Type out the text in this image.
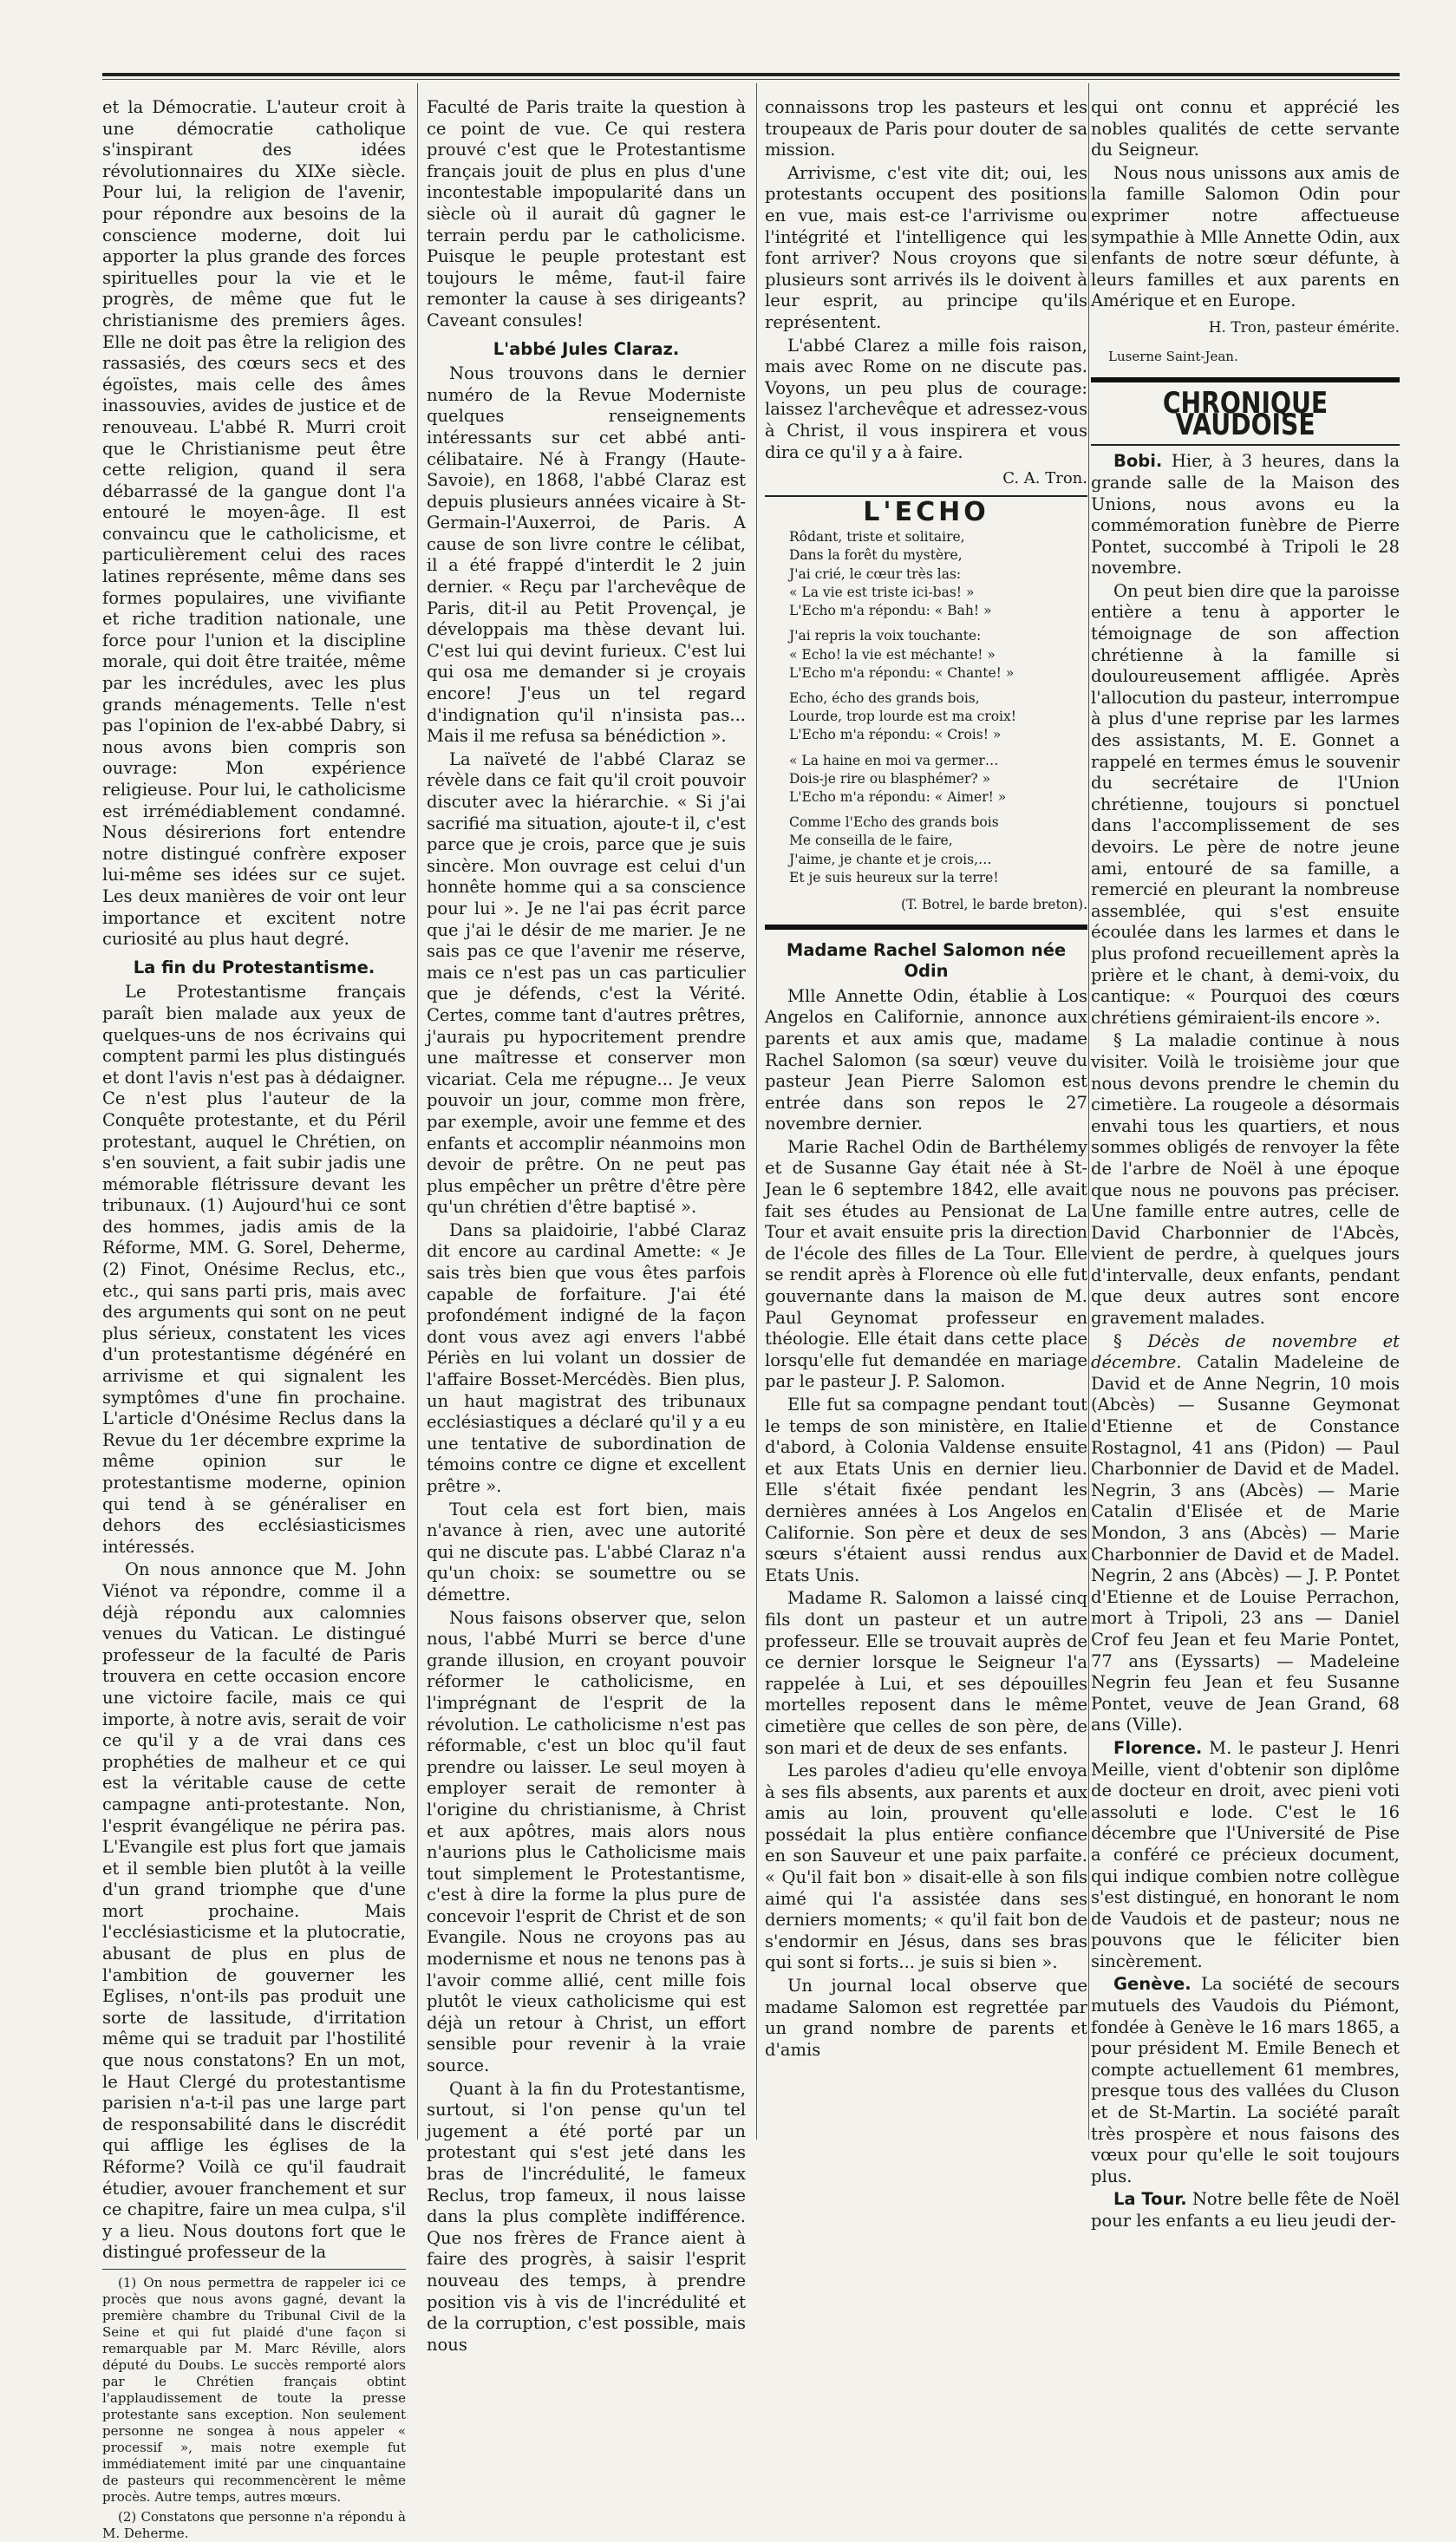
et la Démocratie. L'auteur croit à une démocratie catholique s'inspirant des idées révolutionnaires du XIXe siècle. Pour lui, la religion de l'avenir, pour répondre aux besoins de la conscience moderne, doit lui apporter la plus grande des forces spirituelles pour la vie et le progrès, de même que fut le christianisme des premiers âges. Elle ne doit pas être la religion des rassasiés, des cœurs secs et des égoïstes, mais celle des âmes inassouvies, avides de justice et de renouveau. L'abbé R. Murri croit que le Christianisme peut être cette religion, quand il sera débarrassé de la gangue dont l'a entouré le moyen-âge. Il est convaincu que le catholicisme, et particulièrement celui des races latines représente, même dans ses formes populaires, une vivifiante et riche tradition nationale, une force pour l'union et la discipline morale, qui doit être traitée, même par les incrédules, avec les plus grands ménagements. Telle n'est pas l'opinion de l'ex-abbé Dabry, si nous avons bien compris son ouvrage: Mon expérience religieuse. Pour lui, le catholicisme est irrémédiablement condamné. Nous désirerions fort entendre notre distingué confrère exposer lui-même ses idées sur ce sujet. Les deux manières de voir ont leur importance et excitent notre curiosité au plus haut degré.

La fin du Protestantisme.

Le Protestantisme français paraît bien malade aux yeux de quelques-uns de nos écrivains qui comptent parmi les plus distingués et dont l'avis n'est pas à dédaigner. Ce n'est plus l'auteur de la Conquête protestante, et du Péril protestant, auquel le Chrétien, on s'en souvient, a fait subir jadis une mémorable flétrissure devant les tribunaux. (1) Aujourd'hui ce sont des hommes, jadis amis de la Réforme, MM. G. Sorel, Deherme, (2) Finot, Onésime Reclus, etc., etc., qui sans parti pris, mais avec des arguments qui sont on ne peut plus sérieux, constatent les vices d'un protestantisme dégénéré en arrivisme et qui signalent les symptômes d'une fin prochaine. L'article d'Onésime Reclus dans la Revue du 1er décembre exprime la même opinion sur le protestantisme moderne, opinion qui tend à se généraliser en dehors des ecclésiasticismes intéressés.

On nous annonce que M. John Viénot va répondre, comme il a déjà répondu aux calomnies venues du Vatican. Le distingué professeur de la faculté de Paris trouvera en cette occasion encore une victoire facile, mais ce qui importe, à notre avis, serait de voir ce qu'il y a de vrai dans ces prophéties de malheur et ce qui est la véritable cause de cette campagne anti-protestante. Non, l'esprit évangélique ne périra pas. L'Evangile est plus fort que jamais et il semble bien plutôt à la veille d'un grand triomphe que d'une mort prochaine. Mais l'ecclésiasticisme et la plutocratie, abusant de plus en plus de l'ambition de gouverner les Eglises, n'ont-ils pas produit une sorte de lassitude, d'irritation même qui se traduit par l'hostilité que nous constatons? En un mot, le Haut Clergé du protestantisme parisien n'a-t-il pas une large part de responsabilité dans le discrédit qui afflige les églises de la Réforme? Voilà ce qu'il faudrait étudier, avouer franchement et sur ce chapitre, faire un mea culpa, s'il y a lieu. Nous doutons fort que le distingué professeur de la

(1) On nous permettra de rappeler ici ce procès que nous avons gagné, devant la première chambre du Tribunal Civil de la Seine et qui fut plaidé d'une façon si remarquable par M. Marc Réville, alors député du Doubs. Le succès remporté alors par le Chrétien français obtint l'applaudissement de toute la presse protestante sans exception. Non seulement personne ne songea à nous appeler « processif », mais notre exemple fut immédiatement imité par une cinquantaine de pasteurs qui recommencèrent le même procès. Autre temps, autres mœurs.

(2) Constatons que personne n'a répondu à M. Deherme.

Faculté de Paris traite la question à ce point de vue. Ce qui restera prouvé c'est que le Protestantisme français jouit de plus en plus d'une incontestable impopularité dans un siècle où il aurait dû gagner le terrain perdu par le catholicisme. Puisque le peuple protestant est toujours le même, faut-il faire remonter la cause à ses dirigeants? Caveant consules!

L'abbé Jules Claraz.

Nous trouvons dans le dernier numéro de la Revue Moderniste quelques renseignements intéressants sur cet abbé anti-célibataire. Né à Frangy (Haute-Savoie), en 1868, l'abbé Claraz est depuis plusieurs années vicaire à St-Germain-l'Auxerroi, de Paris. A cause de son livre contre le célibat, il a été frappé d'interdit le 2 juin dernier. « Reçu par l'archevêque de Paris, dit-il au Petit Provençal, je développais ma thèse devant lui. C'est lui qui devint furieux. C'est lui qui osa me demander si je croyais encore! J'eus un tel regard d'indignation qu'il n'insista pas... Mais il me refusa sa bénédiction ».

La naïveté de l'abbé Claraz se révèle dans ce fait qu'il croit pouvoir discuter avec la hiérarchie. « Si j'ai sacrifié ma situation, ajoute-t il, c'est parce que je crois, parce que je suis sincère. Mon ouvrage est celui d'un honnête homme qui a sa conscience pour lui ». Je ne l'ai pas écrit parce que j'ai le désir de me marier. Je ne sais pas ce que l'avenir me réserve, mais ce n'est pas un cas particulier que je défends, c'est la Vérité. Certes, comme tant d'autres prêtres, j'aurais pu hypocritement prendre une maîtresse et conserver mon vicariat. Cela me répugne... Je veux pouvoir un jour, comme mon frère, par exemple, avoir une femme et des enfants et accomplir néanmoins mon devoir de prêtre. On ne peut pas plus empêcher un prêtre d'être père qu'un chrétien d'être baptisé ».

Dans sa plaidoirie, l'abbé Claraz dit encore au cardinal Amette: « Je sais très bien que vous êtes parfois capable de forfaiture. J'ai été profondément indigné de la façon dont vous avez agi envers l'abbé Périès en lui volant un dossier de l'affaire Bosset-Mercédès. Bien plus, un haut magistrat des tribunaux ecclésiastiques a déclaré qu'il y a eu une tentative de subordination de témoins contre ce digne et excellent prêtre ».

Tout cela est fort bien, mais n'avance à rien, avec une autorité qui ne discute pas. L'abbé Claraz n'a qu'un choix: se soumettre ou se démettre.

Nous faisons observer que, selon nous, l'abbé Murri se berce d'une grande illusion, en croyant pouvoir réformer le catholicisme, en l'imprégnant de l'esprit de la révolution. Le catholicisme n'est pas réformable, c'est un bloc qu'il faut prendre ou laisser. Le seul moyen à employer serait de remonter à l'origine du christianisme, à Christ et aux apôtres, mais alors nous n'aurions plus le Catholicisme mais tout simplement le Protestantisme, c'est à dire la forme la plus pure de concevoir l'esprit de Christ et de son Evangile. Nous ne croyons pas au modernisme et nous ne tenons pas à l'avoir comme allié, cent mille fois plutôt le vieux catholicisme qui est déjà un retour à Christ, un effort sensible pour revenir à la vraie source.

Quant à la fin du Protestantisme, surtout, si l'on pense qu'un tel jugement a été porté par un protestant qui s'est jeté dans les bras de l'incrédulité, le fameux Reclus, trop fameux, il nous laisse dans la plus complète indifférence. Que nos frères de France aient à faire des progrès, à saisir l'esprit nouveau des temps, à prendre position vis à vis de l'incrédulité et de la corruption, c'est possible, mais nous

connaissons trop les pasteurs et les troupeaux de Paris pour douter de sa mission.

Arrivisme, c'est vite dit; oui, les protestants occupent des positions en vue, mais est-ce l'arrivisme ou l'intégrité et l'intelligence qui les font arriver? Nous croyons que si plusieurs sont arrivés ils le doivent à leur esprit, au principe qu'ils représentent.

L'abbé Clarez a mille fois raison, mais avec Rome on ne discute pas. Voyons, un peu plus de courage: laissez l'archevêque et adressez-vous à Christ, il vous inspirera et vous dira ce qu'il y a à faire.

C. A. Tron.
L'ECHO
Rôdant, triste et solitaire,
Dans la forêt du mystère,
J'ai crié, le cœur très las:
« La vie est triste ici-bas! »
L'Echo m'a répondu: « Bah! »
J'ai repris la voix touchante:
« Echo! la vie est méchante! »
L'Echo m'a répondu: « Chante! »
Echo, écho des grands bois,
Lourde, trop lourde est ma croix!
L'Echo m'a répondu: « Crois! »
« La haine en moi va germer…
Dois-je rire ou blasphémer? »
L'Echo m'a répondu: « Aimer! »
Comme l'Echo des grands bois
Me conseilla de le faire,
J'aime, je chante et je crois,…
Et je suis heureux sur la terre!
(T. Botrel, le barde breton).
Madame Rachel Salomon née Odin

Mlle Annette Odin, établie à Los Angelos en Californie, annonce aux parents et aux amis que, madame Rachel Salomon (sa sœur) veuve du pasteur Jean Pierre Salomon est entrée dans son repos le 27 novembre dernier.

Marie Rachel Odin de Barthélemy et de Susanne Gay était née à St-Jean le 6 septembre 1842, elle avait fait ses études au Pensionat de La Tour et avait ensuite pris la direction de l'école des filles de La Tour. Elle se rendit après à Florence où elle fut gouvernante dans la maison de M. Paul Geynomat professeur en théologie. Elle était dans cette place lorsqu'elle fut demandée en mariage par le pasteur J. P. Salomon.

Elle fut sa compagne pendant tout le temps de son ministère, en Italie d'abord, à Colonia Valdense ensuite et aux Etats Unis en dernier lieu. Elle s'était fixée pendant les dernières années à Los Angelos en Californie. Son père et deux de ses sœurs s'étaient aussi rendus aux Etats Unis.

Madame R. Salomon a laissé cinq fils dont un pasteur et un autre professeur. Elle se trouvait auprès de ce dernier lorsque le Seigneur l'a rappelée à Lui, et ses dépouilles mortelles reposent dans le même cimetière que celles de son père, de son mari et de deux de ses enfants.

Les paroles d'adieu qu'elle envoya à ses fils absents, aux parents et aux amis au loin, prouvent qu'elle possédait la plus entière confiance en son Sauveur et une paix parfaite. « Qu'il fait bon » disait-elle à son fils aimé qui l'a assistée dans ses derniers moments; « qu'il fait bon de s'endormir en Jésus, dans ses bras qui sont si forts... je suis si bien ».

Un journal local observe que madame Salomon est regrettée par un grand nombre de parents et d'amis

qui ont connu et apprécié les nobles qualités de cette servante du Seigneur.

Nous nous unissons aux amis de la famille Salomon Odin pour exprimer notre affectueuse sympathie à Mlle Annette Odin, aux enfants de notre sœur défunte, à leurs familles et aux parents en Amérique et en Europe.

H. Tron, pasteur émérite.
Luserne Saint-Jean.
CHRONIQUE VAUDOISE

Bobi. Hier, à 3 heures, dans la grande salle de la Maison des Unions, nous avons eu la commémoration funèbre de Pierre Pontet, succombé à Tripoli le 28 novembre.

On peut bien dire que la paroisse entière a tenu à apporter le témoignage de son affection chrétienne à la famille si douloureusement affligée. Après l'allocution du pasteur, interrompue à plus d'une reprise par les larmes des assistants, M. E. Gonnet a rappelé en termes émus le souvenir du secrétaire de l'Union chrétienne, toujours si ponctuel dans l'accomplissement de ses devoirs. Le père de notre jeune ami, entouré de sa famille, a remercié en pleurant la nombreuse assemblée, qui s'est ensuite écoulée dans les larmes et dans le plus profond recueillement après la prière et le chant, à demi-voix, du cantique: « Pourquoi des cœurs chrétiens gémiraient-ils encore ».

§ La maladie continue à nous visiter. Voilà le troisième jour que nous devons prendre le chemin du cimetière. La rougeole a désormais envahi tous les quartiers, et nous sommes obligés de renvoyer la fête de l'arbre de Noël à une époque que nous ne pouvons pas préciser. Une famille entre autres, celle de David Charbonnier de l'Abcès, vient de perdre, à quelques jours d'intervalle, deux enfants, pendant que deux autres sont encore gravement malades.

§ Décès de novembre et décembre. Catalin Madeleine de David et de Anne Negrin, 10 mois (Abcès) — Susanne Geymonat d'Etienne et de Constance Rostagnol, 41 ans (Pidon) — Paul Charbonnier de David et de Madel. Negrin, 3 ans (Abcès) — Marie Catalin d'Elisée et de Marie Mondon, 3 ans (Abcès) — Marie Charbonnier de David et de Madel. Negrin, 2 ans (Abcès) — J. P. Pontet d'Etienne et de Louise Perrachon, mort à Tripoli, 23 ans — Daniel Crof feu Jean et feu Marie Pontet, 77 ans (Eyssarts) — Madeleine Negrin feu Jean et feu Susanne Pontet, veuve de Jean Grand, 68 ans (Ville).

Florence. M. le pasteur J. Henri Meille, vient d'obtenir son diplôme de docteur en droit, avec pieni voti assoluti e lode. C'est le 16 décembre que l'Université de Pise a conféré ce précieux document, qui indique combien notre collègue s'est distingué, en honorant le nom de Vaudois et de pasteur; nous ne pouvons que le féliciter bien sincèrement.

Genève. La société de secours mutuels des Vaudois du Piémont, fondée à Genève le 16 mars 1865, a pour président M. Emile Benech et compte actuellement 61 membres, presque tous des vallées du Cluson et de St-Martin. La société paraît très prospère et nous faisons des vœux pour qu'elle le soit toujours plus.

La Tour. Notre belle fête de Noël pour les enfants a eu lieu jeudi der-
